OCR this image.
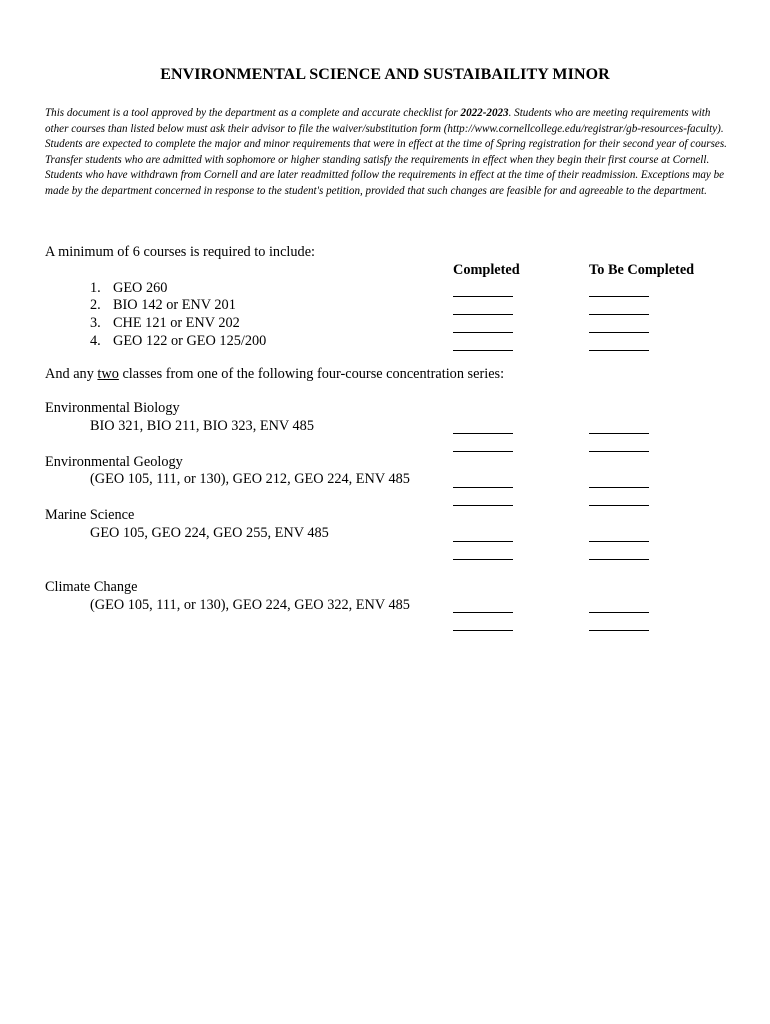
ENVIRONMENTAL SCIENCE AND SUSTAIBAILITY MINOR
This document is a tool approved by the department as a complete and accurate checklist for 2022-2023. Students who are meeting requirements with other courses than listed below must ask their advisor to file the waiver/substitution form (http://www.cornellcollege.edu/registrar/gb-resources-faculty). Students are expected to complete the major and minor requirements that were in effect at the time of Spring registration for their second year of courses. Transfer students who are admitted with sophomore or higher standing satisfy the requirements in effect when they begin their first course at Cornell. Students who have withdrawn from Cornell and are later readmitted follow the requirements in effect at the time of their readmission. Exceptions may be made by the department concerned in response to the student's petition, provided that such changes are feasible for and agreeable to the department.
A minimum of 6 courses is required to include:
Completed	To Be Completed
1. GEO 260
2. BIO 142 or ENV 201
3. CHE 121 or ENV 202
4. GEO 122 or GEO 125/200
And any two classes from one of the following four-course concentration series:
Environmental Biology
BIO 321, BIO 211, BIO 323, ENV 485
Environmental Geology
(GEO 105, 111, or 130), GEO 212, GEO 224, ENV 485
Marine Science
GEO 105, GEO 224, GEO 255, ENV 485
Climate Change
(GEO 105, 111, or 130), GEO 224, GEO 322, ENV 485
